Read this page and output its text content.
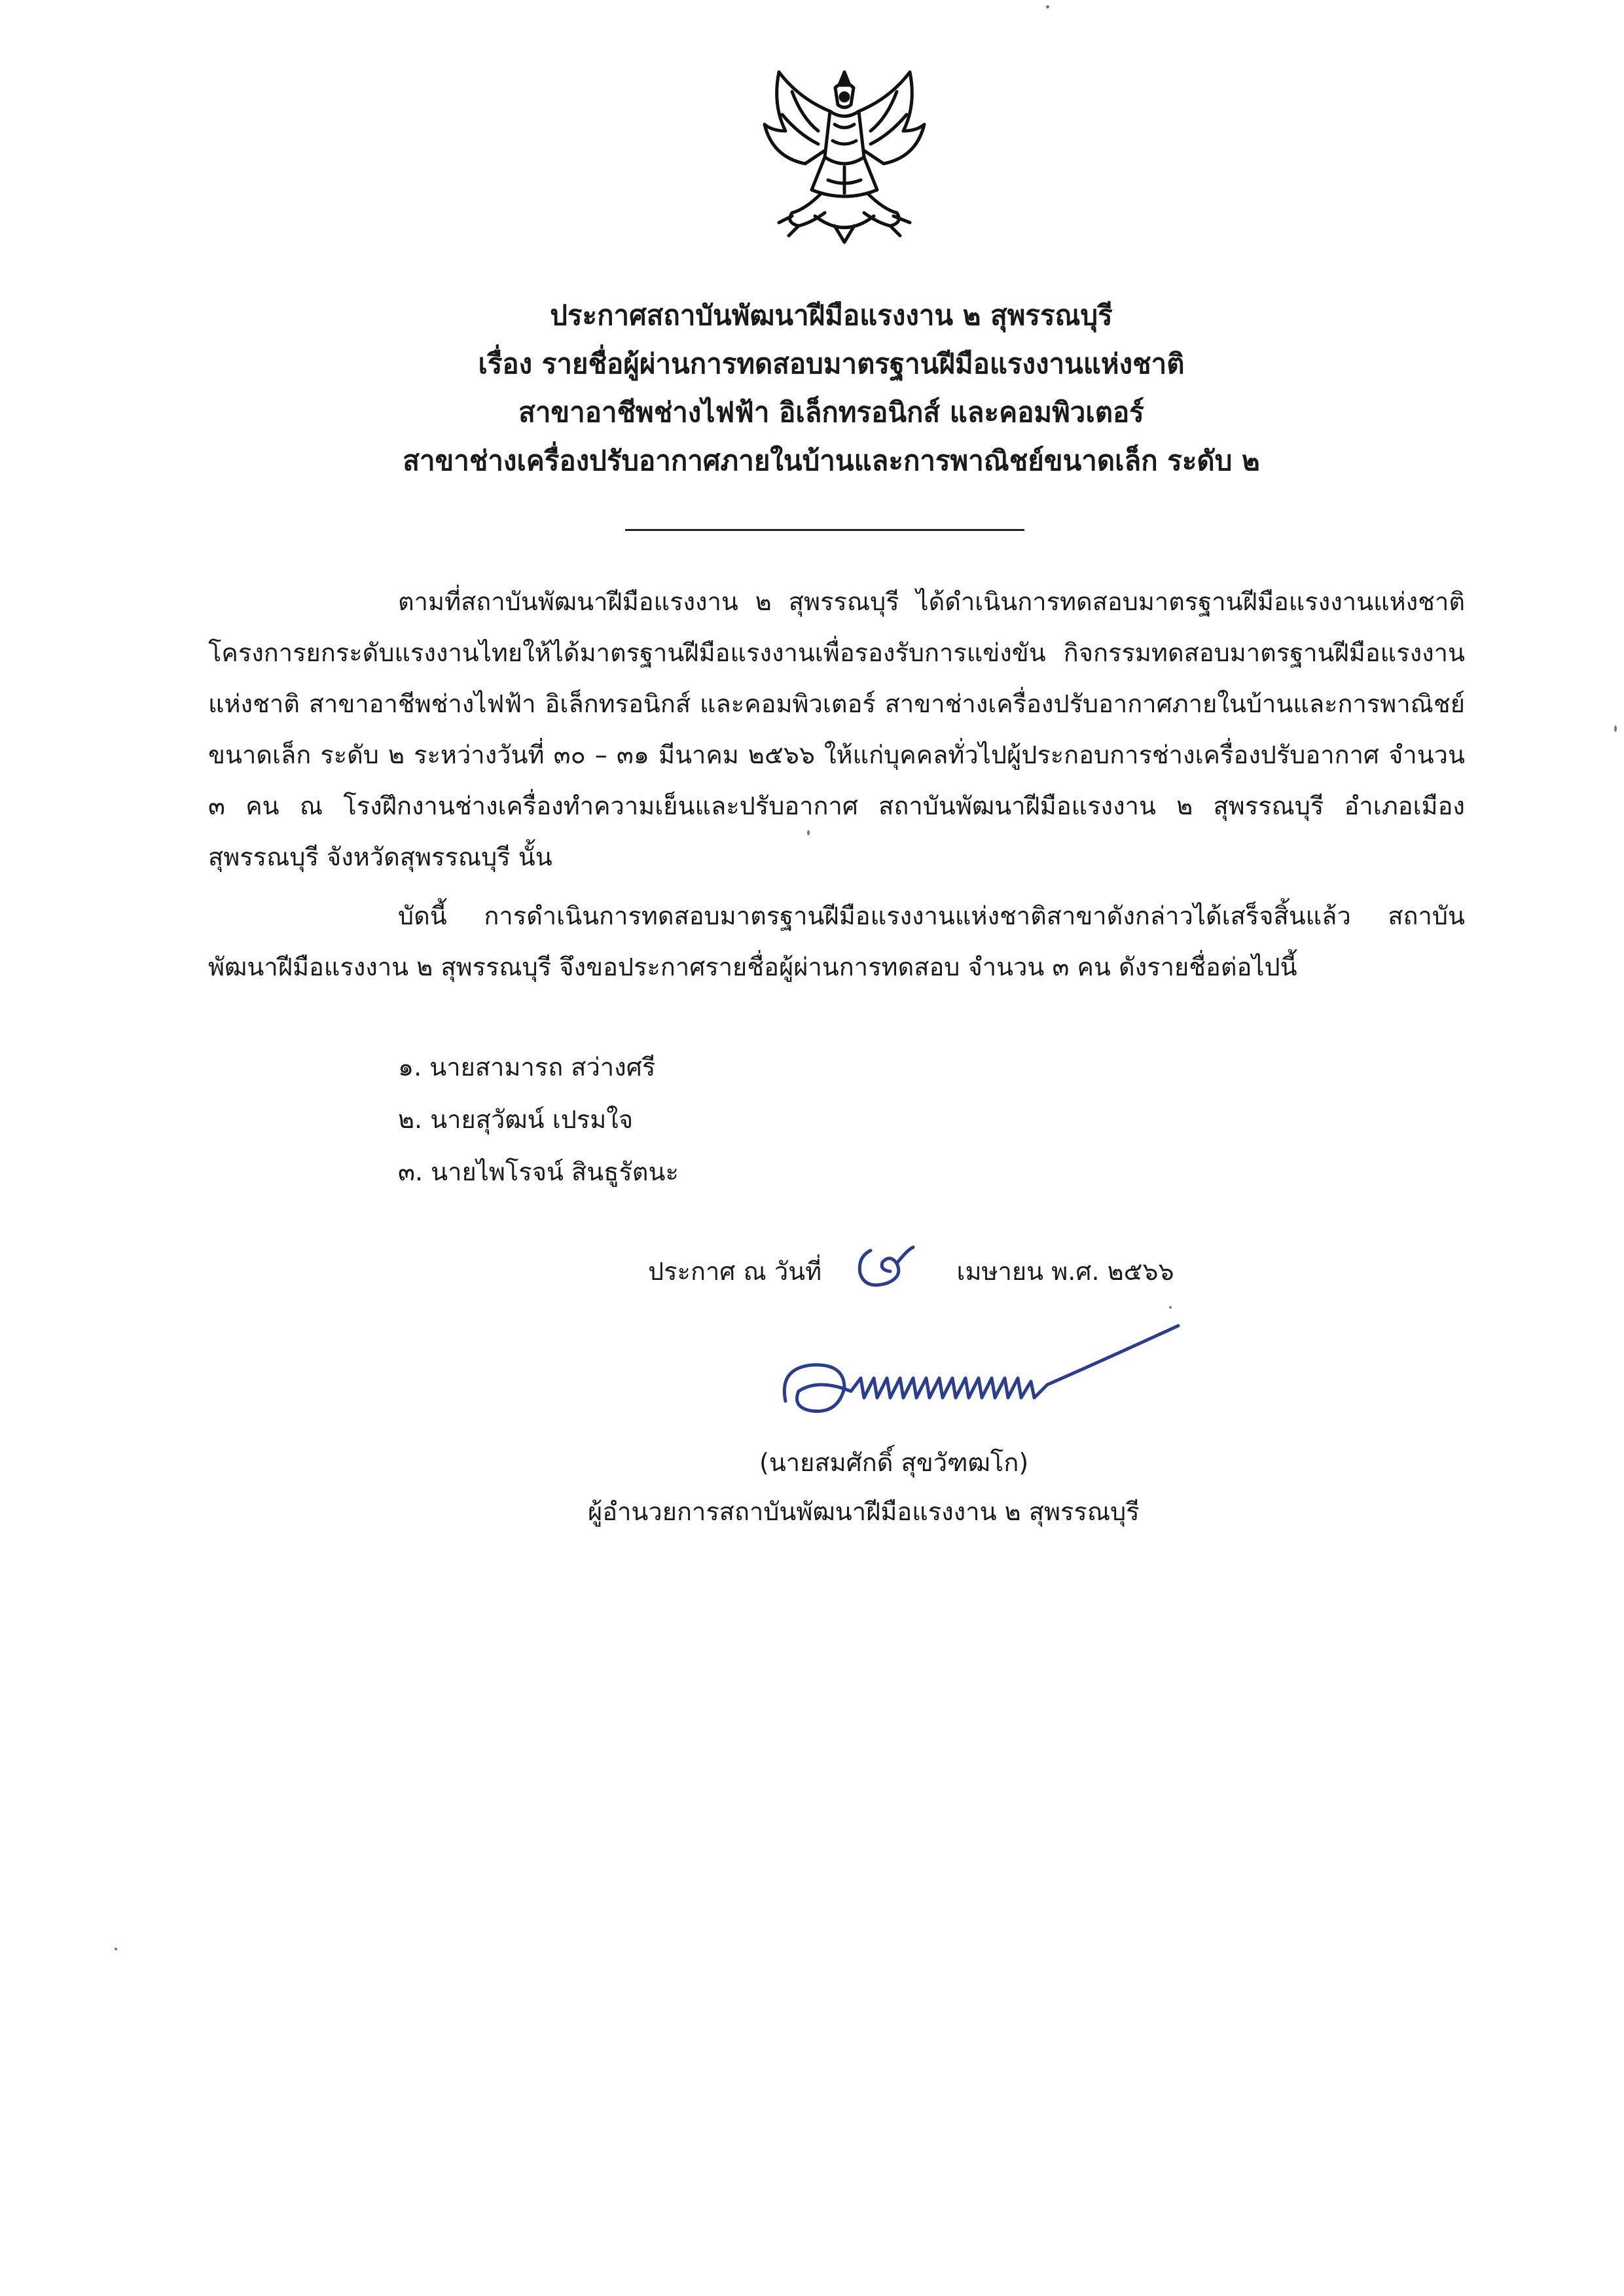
ประกาศสถาบันพัฒนาฝีมือแรงงาน ๒ สุพรรณบุรี
เรื่อง รายชื่อผู้ผ่านการทดสอบมาตรฐานฝีมือแรงงานแห่งชาติ
สาขาอาชีพช่างไฟฟ้า อิเล็กทรอนิกส์ และคอมพิวเตอร์
สาขาช่างเครื่องปรับอากาศภายในบ้านและการพาณิชย์ขนาดเล็ก ระดับ ๒

ตามที่สถาบันพัฒนาฝีมือแรงงาน ๒ สุพรรณบุรี ได้ดำเนินการทดสอบมาตรฐานฝีมือแรงงานแห่งชาติ โครงการยกระดับแรงงานไทยให้ได้มาตรฐานฝีมือแรงงานเพื่อรองรับการแข่งขัน กิจกรรมทดสอบมาตรฐานฝีมือแรงงานแห่งชาติ สาขาอาชีพช่างไฟฟ้า อิเล็กทรอนิกส์ และคอมพิวเตอร์ สาขาช่างเครื่องปรับอากาศภายในบ้านและการพาณิชย์ขนาดเล็ก ระดับ ๒ ระหว่างวันที่ ๓๐ – ๓๑ มีนาคม ๒๕๖๖ ให้แก่บุคคลทั่วไปผู้ประกอบการช่างเครื่องปรับอากาศ จำนวน ๓ คน ณ โรงฝึกงานช่างเครื่องทำความเย็นและปรับอากาศ สถาบันพัฒนาฝีมือแรงงาน ๒ สุพรรณบุรี อำเภอเมืองสุพรรณบุรี จังหวัดสุพรรณบุรี นั้น

บัดนี้ การดำเนินการทดสอบมาตรฐานฝีมือแรงงานแห่งชาติสาขาดังกล่าวได้เสร็จสิ้นแล้ว สถาบันพัฒนาฝีมือแรงงาน ๒ สุพรรณบุรี จึงขอประกาศรายชื่อผู้ผ่านการทดสอบ จำนวน ๓ คน ดังรายชื่อต่อไปนี้

๑. นายสามารถ สว่างศรี
๒. นายสุวัฒน์ เปรมใจ
๓. นายไพโรจน์ สินธูรัตนะ
ประกาศ ณ วันที่	เมษายน พ.ศ. ๒๕๖๖
(นายสมศักดิ์ สุขวัฑฒโก)
ผู้อำนวยการสถาบันพัฒนาฝีมือแรงงาน ๒ สุพรรณบุรี
